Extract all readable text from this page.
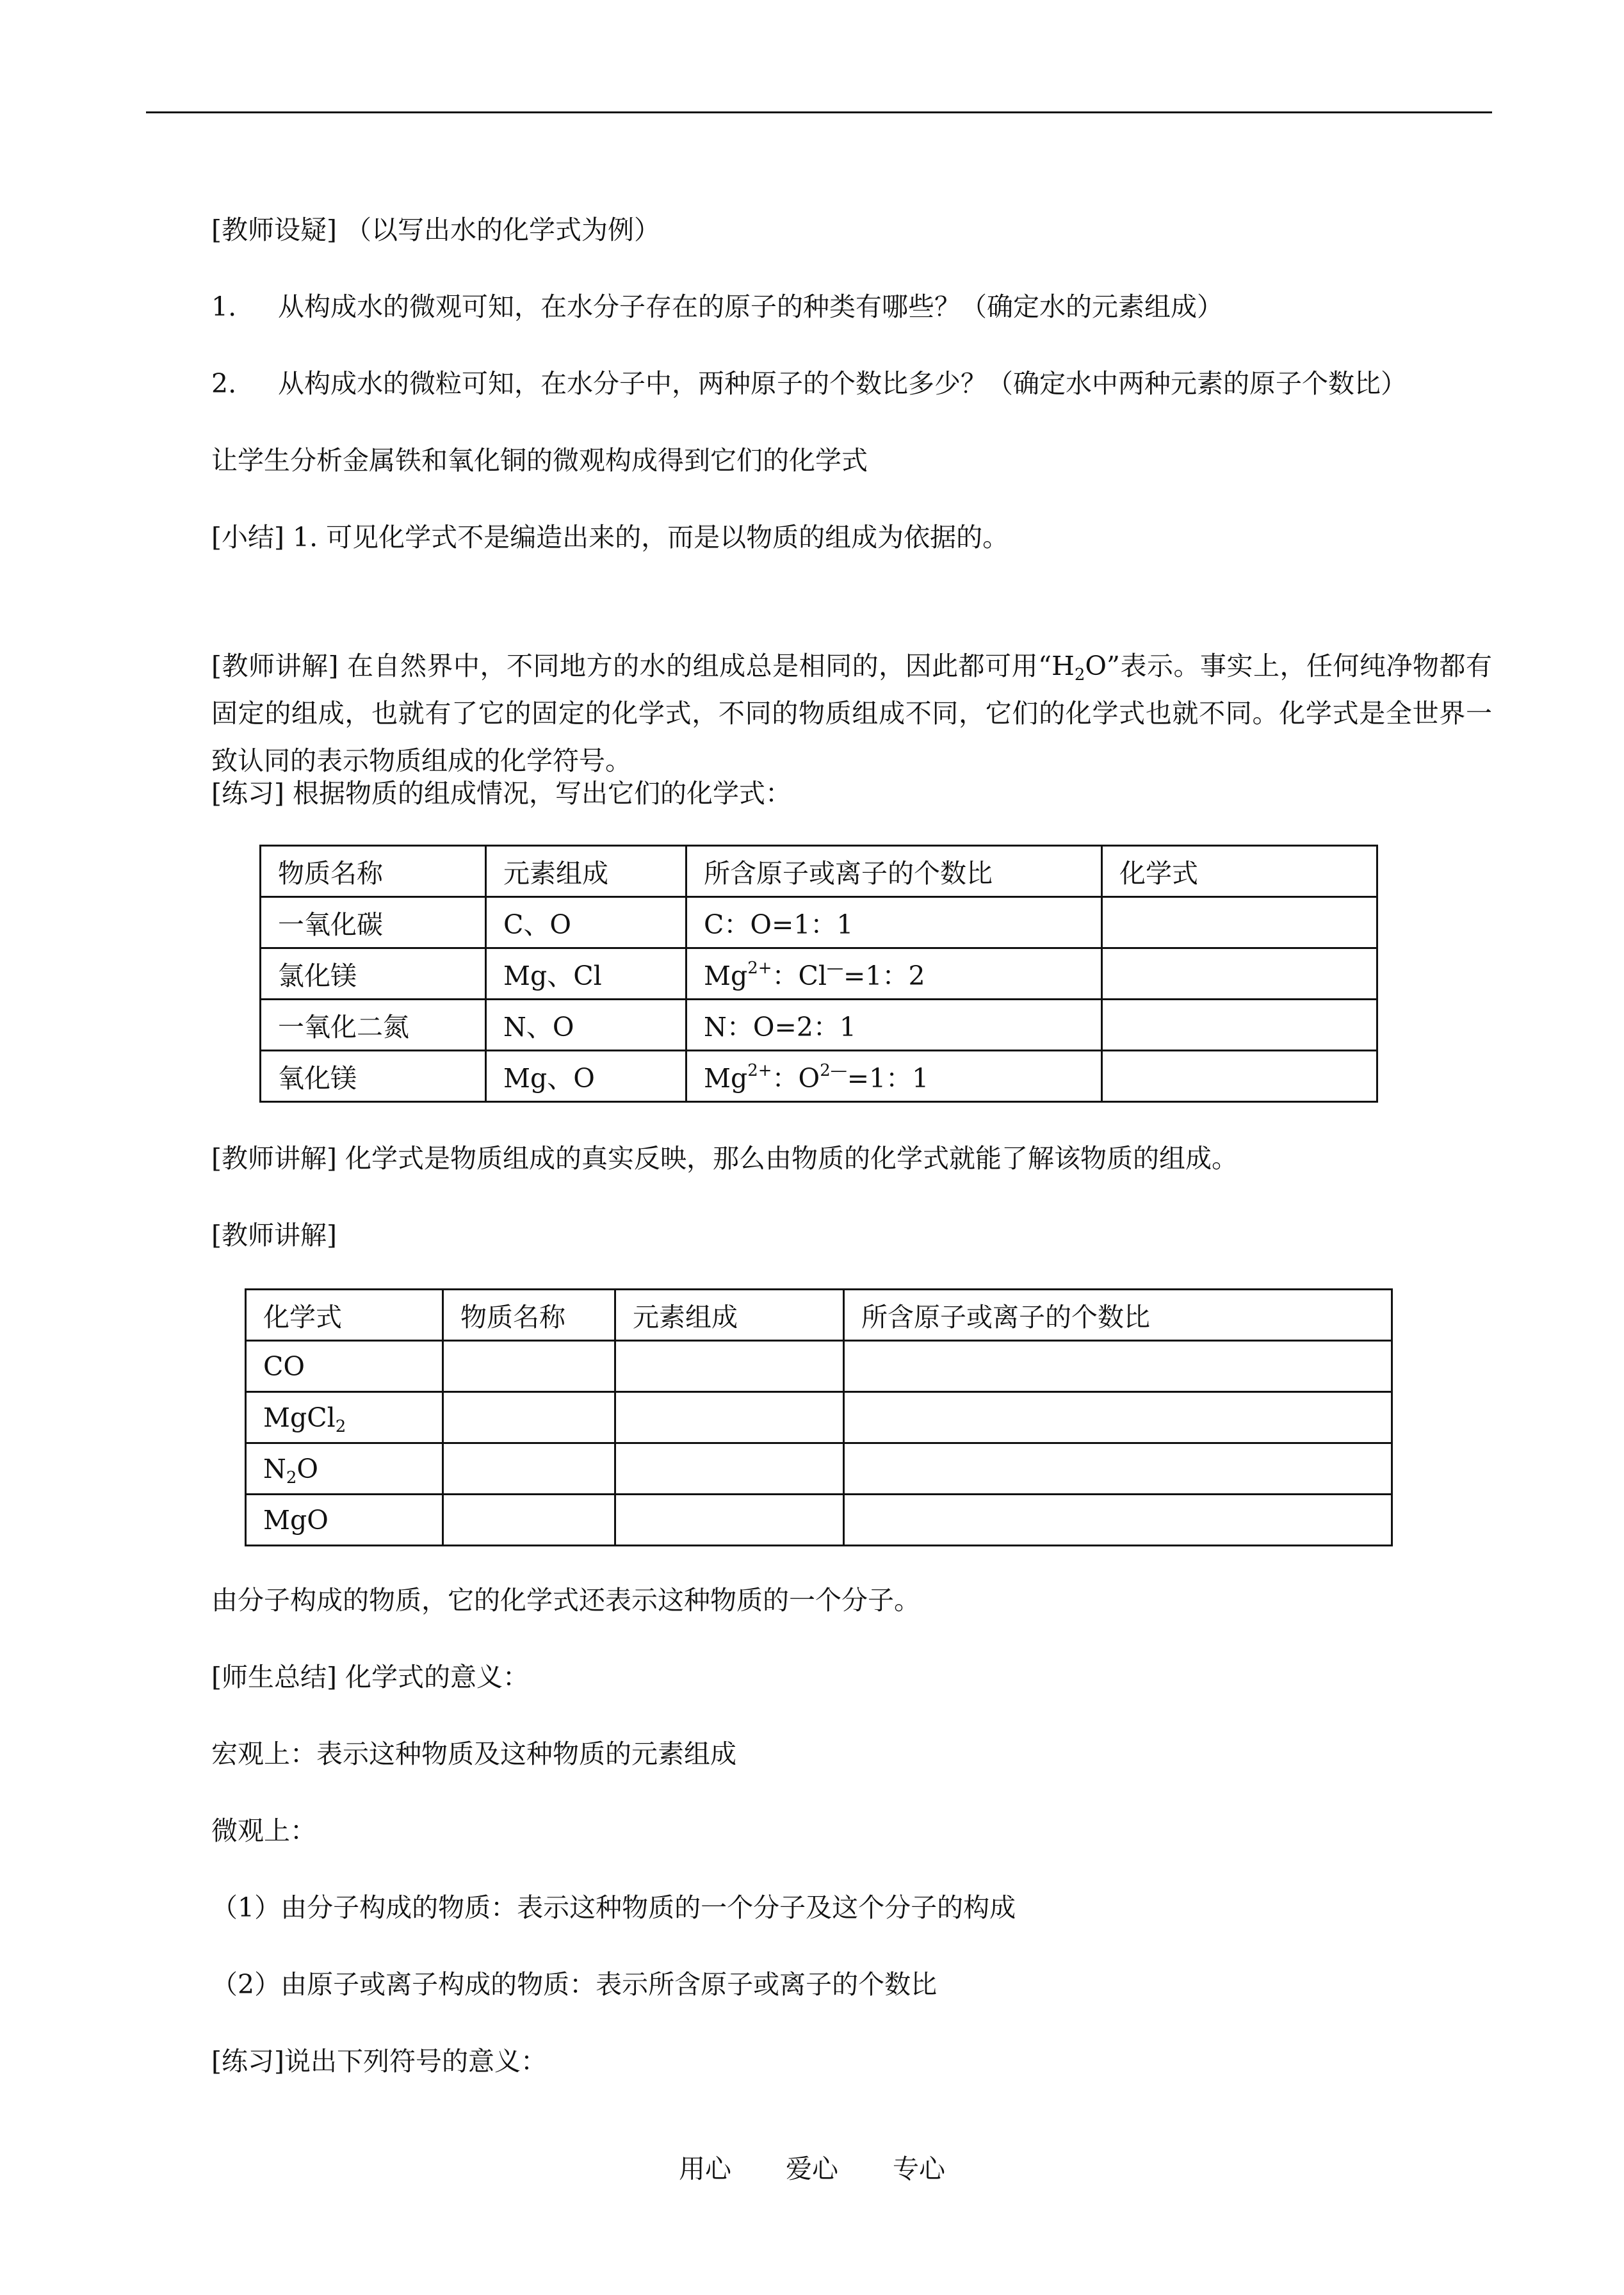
[教师设疑] （以写出水的化学式为例）
1. 从构成水的微观可知，在水分子存在的原子的种类有哪些？（确定水的元素组成）
2. 从构成水的微粒可知，在水分子中，两种原子的个数比多少？（确定水中两种元素的原子个数比）
让学生分析金属铁和氧化铜的微观构成得到它们的化学式
[小结] 1. 可见化学式不是编造出来的，而是以物质的组成为依据的。
[教师讲解] 在自然界中，不同地方的水的组成总是相同的，因此都可用“$H_2O$”表示。事实上，任何纯净物都有固定的组成，也就有了它的固定的化学式，不同的物质组成不同，它们的化学式也就不同。化学式是全世界一致认同的表示物质组成的化学符号。
[练习] 根据物质的组成情况，写出它们的化学式：
物质名称	元素组成	所含原子或离子的个数比	化学式
一氧化碳	C、O	C：O=1：1	
氯化镁	Mg、Cl	$Mg^{2+}$：Cl—=1：2	
一氧化二氮	N、O	N：O=2：1	
氧化镁	Mg、O	$Mg^{2+}$：$O^{2—}=1$：1	
[教师讲解] 化学式是物质组成的真实反映，那么由物质的化学式就能了解该物质的组成。
[教师讲解]
化学式	物质名称	元素组成	所含原子或离子的个数比
CO			
MgCl$_2$			
$N_2O$			
MgO			
由分子构成的物质，它的化学式还表示这种物质的一个分子。
[师生总结] 化学式的意义：
宏观上：表示这种物质及这种物质的元素组成
微观上：
（1）由分子构成的物质：表示这种物质的一个分子及这个分子的构成
（2）由原子或离子构成的物质：表示所含原子或离子的个数比
[练习]说出下列符号的意义：
用心 爱心 专心
